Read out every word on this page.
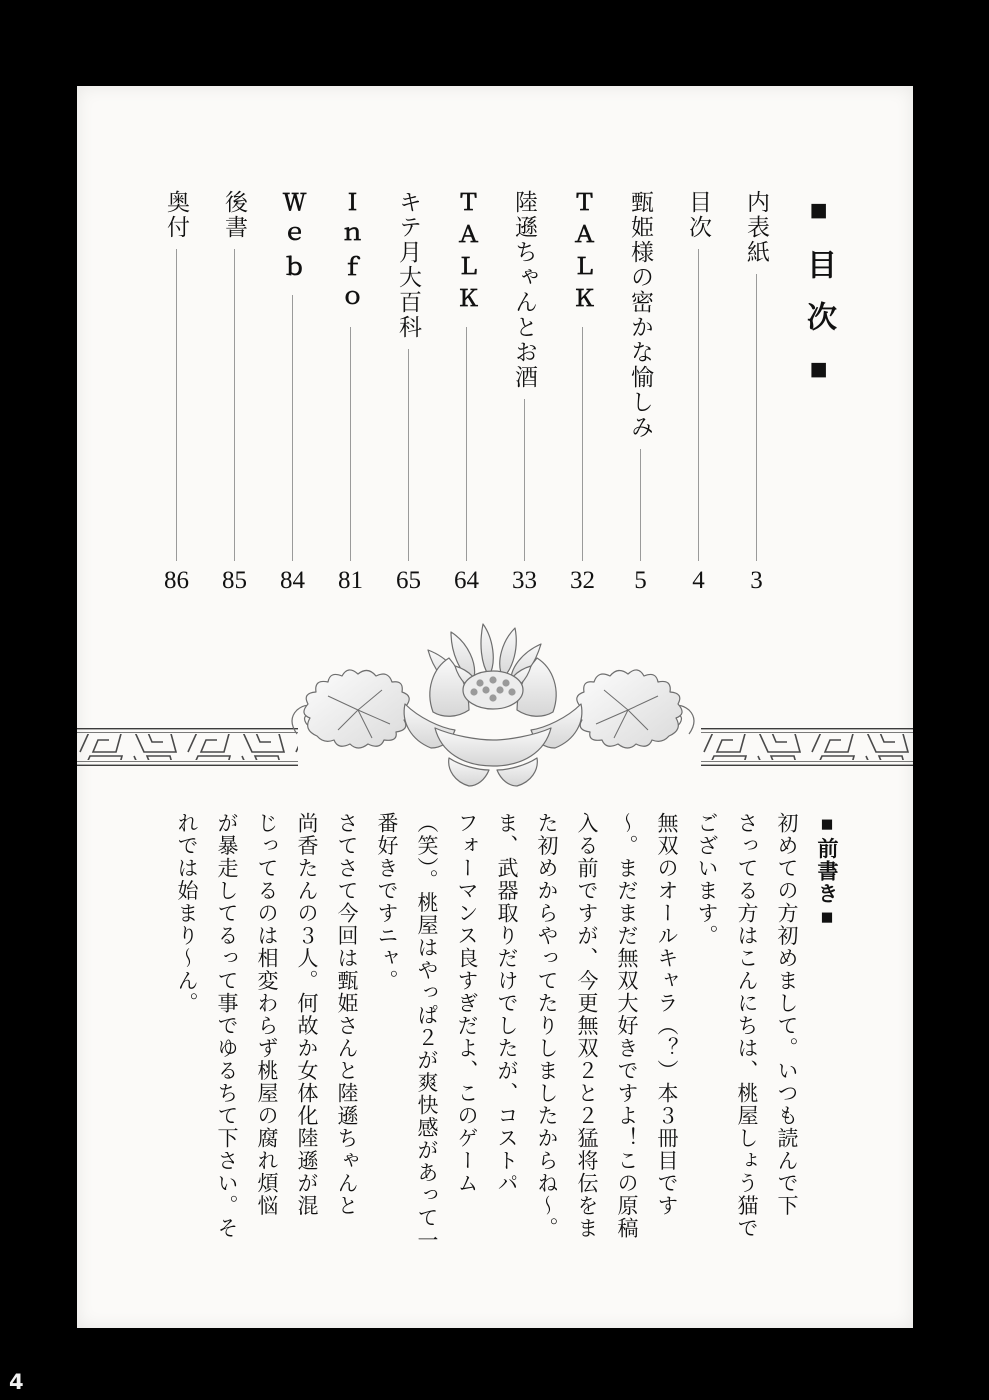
■目次■
内表紙
3
目次
4
甄姫様の密かな愉しみ
5
ＴＡＬＫ
32
陸遜ちゃんとお酒
33
ＴＡＬＫ
64
キテ月大百科
65
Ｉｎｆｏ
81
Ｗｅｂ
84
後書
85
奥付
86
■前書き■
初めての方初めまして。いつも読んで下
さってる方はこんにちは、桃屋しょう猫で
ございます。
無双のオールキャラ（？）本３冊目です
〜。まだまだ無双大好きですよ！この原稿
入る前ですが、今更無双２と２猛将伝をま
た初めからやってたりしましたからね〜。
ま、武器取りだけでしたが、コストパ
フォーマンス良すぎだよ、このゲーム
（笑）。桃屋はやっぱ２が爽快感があって一
番好きですニャ。
さてさて今回は甄姫さんと陸遜ちゃんと
尚香たんの３人。何故か女体化陸遜が混
じってるのは相変わらず桃屋の腐れ煩悩
が暴走してるって事でゆるちて下さい。そ
れでは始まり〜ん。
4
